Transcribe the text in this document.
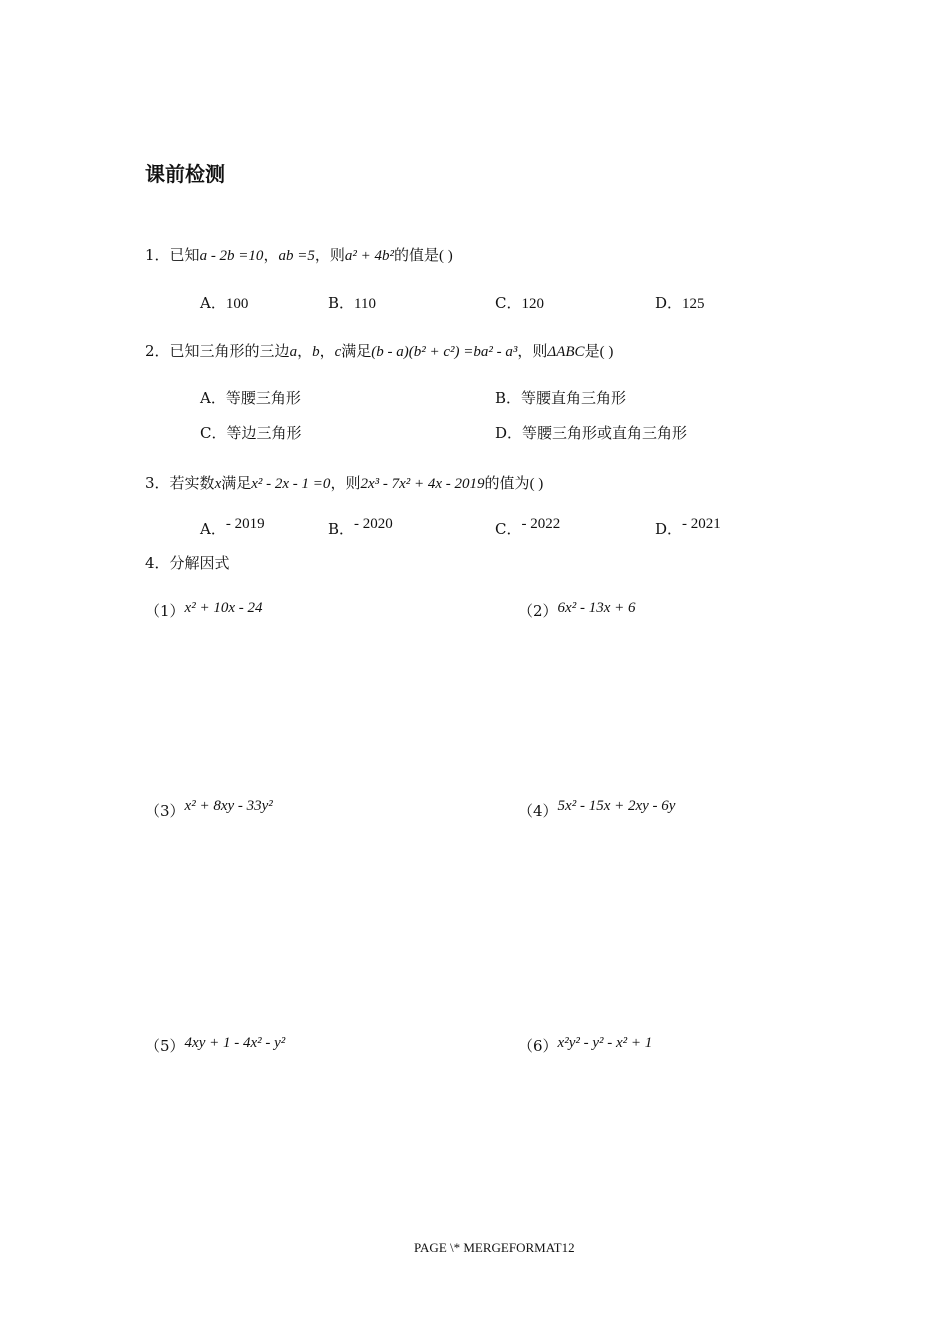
课前检测
1．已知a - 2b =10，ab =5，则a² + 4b²的值是( )
A．100	B．110	C．120	D．125
2．已知三角形的三边a，b，c满足(b - a)(b² + c²) =ba² - a³，则ΔABC是( )
A．等腰三角形	B．等腰直角三角形
C．等边三角形	D．等腰三角形或直角三角形
3．若实数x满足x² - 2x - 1 =0，则2x³ - 7x² + 4x - 2019的值为( )
A．- 2019	B．- 2020	C．- 2022	D．- 2021
4．分解因式
（1）x² + 10x - 24	（2）6x² - 13x + 6
（3）x² + 8xy - 33y²	（4）5x² - 15x + 2xy - 6y
（5）4xy + 1 - 4x² - y²	（6）x²y² - y² - x² + 1
PAGE \* MERGEFORMAT12
